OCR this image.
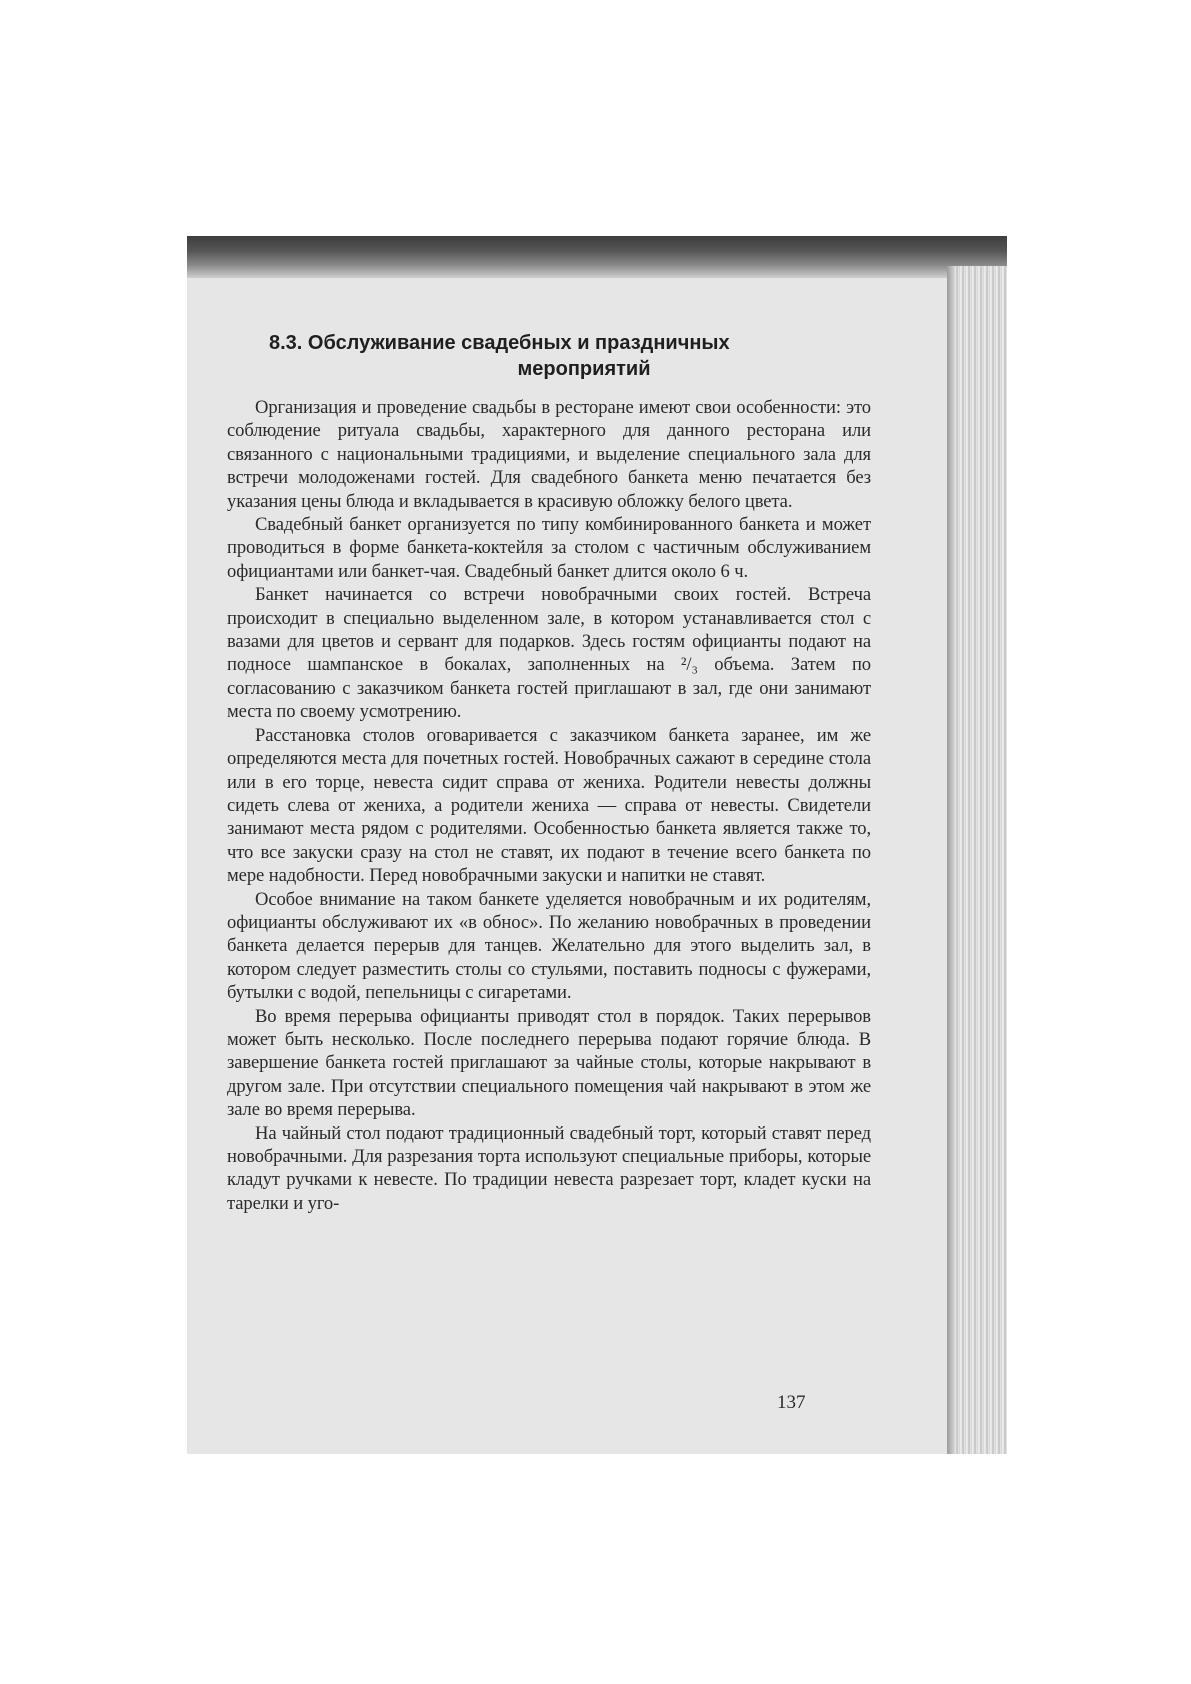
8.3. Обслуживание свадебных и праздничных
мероприятий

Организация и проведение свадьбы в ресторане имеют свои особенности: это соблюдение ритуала свадьбы, характерного для данного ресторана или связанного с национальными традициями, и выделение специального зала для встречи молодоженами гостей. Для свадебного банкета меню печатается без указания цены блюда и вкладывается в красивую обложку белого цвета.

Свадебный банкет организуется по типу комбинированного банкета и может проводиться в форме банкета-коктейля за столом с частичным обслуживанием официантами или банкет-чая. Свадебный банкет длится около 6 ч.

Банкет начинается со встречи новобрачными своих гостей. Встреча происходит в специально выделенном зале, в котором устанавливается стол с вазами для цветов и сервант для подарков. Здесь гостям официанты подают на подносе шампанское в бокалах, заполненных на ²/₃ объема. Затем по согласованию с заказчиком банкета гостей приглашают в зал, где они занимают места по своему усмотрению.

Расстановка столов оговаривается с заказчиком банкета заранее, им же определяются места для почетных гостей. Новобрачных сажают в середине стола или в его торце, невеста сидит справа от жениха. Родители невесты должны сидеть слева от жениха, а родители жениха — справа от невесты. Свидетели занимают места рядом с родителями. Особенностью банкета является также то, что все закуски сразу на стол не ставят, их подают в течение всего банкета по мере надобности. Перед новобрачными закуски и напитки не ставят.

Особое внимание на таком банкете уделяется новобрачным и их родителям, официанты обслуживают их «в обнос». По желанию новобрачных в проведении банкета делается перерыв для танцев. Желательно для этого выделить зал, в котором следует разместить столы со стульями, поставить подносы с фужерами, бутылки с водой, пепельницы с сигаретами.

Во время перерыва официанты приводят стол в порядок. Таких перерывов может быть несколько. После последнего перерыва подают горячие блюда. В завершение банкета гостей приглашают за чайные столы, которые накрывают в другом зале. При отсутствии специального помещения чай накрывают в этом же зале во время перерыва.

На чайный стол подают традиционный свадебный торт, который ставят перед новобрачными. Для разрезания торта используют специальные приборы, которые кладут ручками к невесте. По традиции невеста разрезает торт, кладет куски на тарелки и уго-

137
